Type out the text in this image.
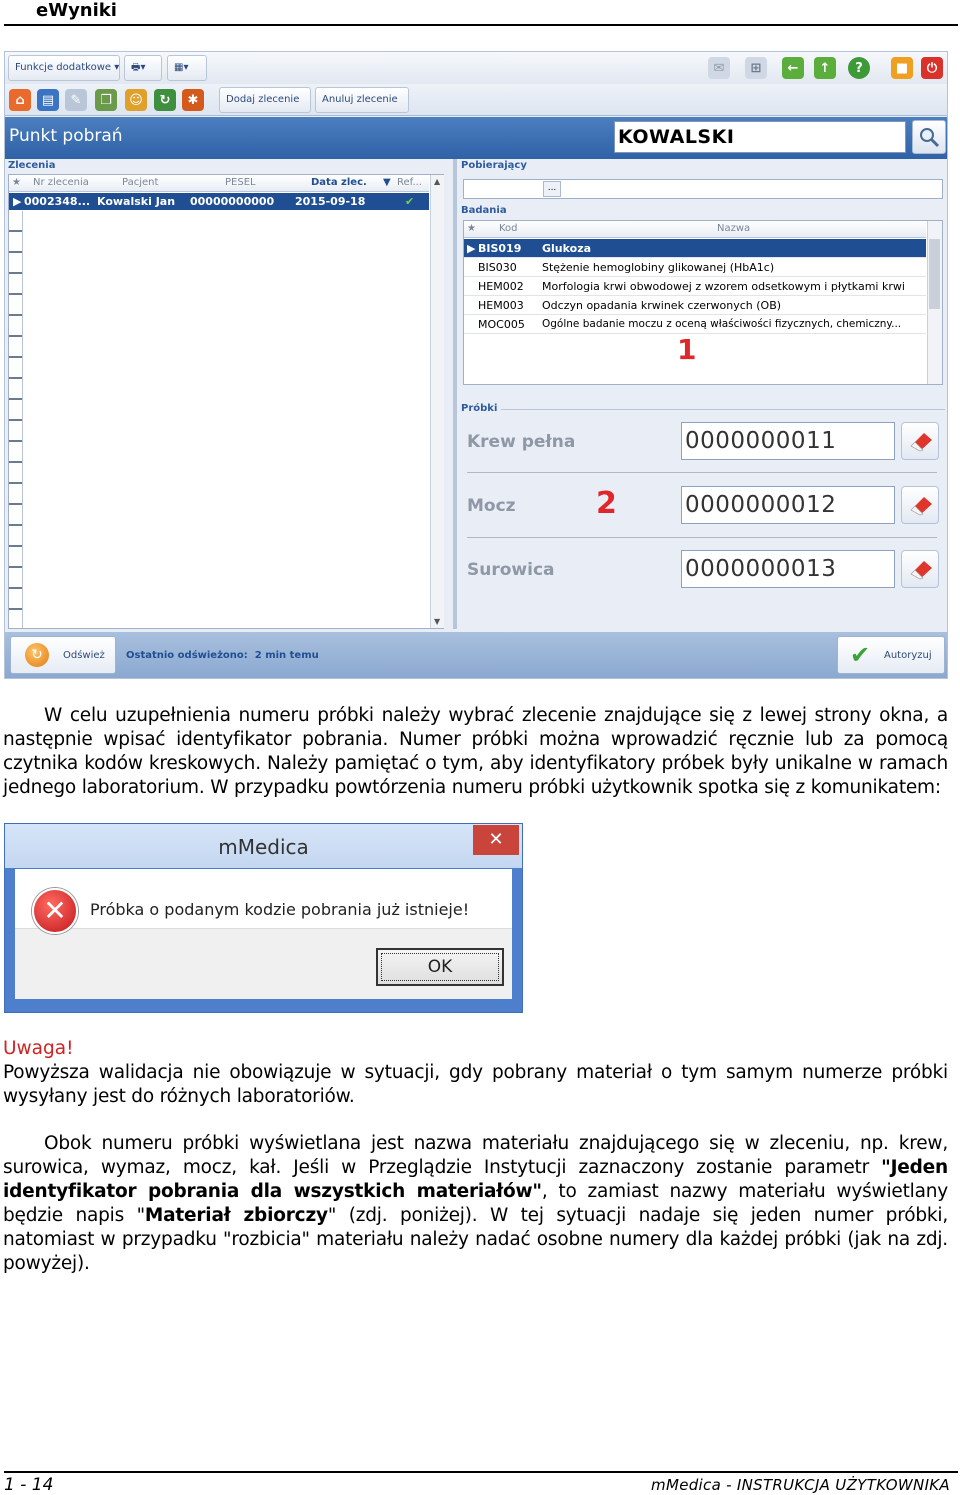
eWyniki
Funkcje dodatkowe ▾	🖶▾	▦▾	✉	⊞	←	↑	?	■	⏻
⌂	▤	✎	❐	☺	↻	✱	Dodaj zlecenie	Anuluj zlecenie
Punkt pobrań	KOWALSKI
Zlecenia
★ Nr zlecenia	Pacjent	PESEL	Data zlec. ▼ Ref...
▶ 0002348... Kowalski Jan 00000000000 2015-09-18	✔
▲
▼
Pobierający
...
Badania
★ Kod	Nazwa
▶ BIS019 Glukoza
BIS030 Stężenie hemoglobiny glikowanej (HbA1c)
HEM002 Morfologia krwi obwodowej z wzorem odsetkowym i płytkami krwi
HEM003 Odczyn opadania krwinek czerwonych (OB)
MOC005 Ogólne badanie moczu z oceną właściwości fizycznych, chemiczny...
1
Próbki
Krew pełna	0000000011
Mocz	2	0000000012
Surowica	0000000013
↻	Odśwież Ostatnio odświeżono: 2 min temu	✔ Autoryzuj
W celu uzupełnienia numeru próbki należy wybrać zlecenie znajdujące się z lewej strony okna, a następnie wpisać identyfikator pobrania. Numer próbki można wprowadzić ręcznie lub za pomocą czytnika kodów kreskowych. Należy pamiętać o tym, aby identyfikatory próbek były unikalne w ramach jednego laboratorium. W przypadku powtórzenia numeru próbki użytkownik spotka się z komunikatem:
mMedica	✕
✕	Próbka o podanym kodzie pobrania już istnieje!
OK
Uwaga!
Powyższa walidacja nie obowiązuje w sytuacji, gdy pobrany materiał o tym samym numerze próbki wysyłany jest do różnych laboratoriów.
Obok numeru próbki wyświetlana jest nazwa materiału znajdującego się w zleceniu, np. krew, surowica, wymaz, mocz, kał. Jeśli w Przeglądzie Instytucji zaznaczony zostanie parametr "Jeden identyfikator pobrania dla wszystkich materiałów", to zamiast nazwy materiału wyświetlany będzie napis "Materiał zbiorczy" (zdj. poniżej). W tej sytuacji nadaje się jeden numer próbki, natomiast w przypadku "rozbicia" materiału należy nadać osobne numery dla każdej próbki (jak na zdj. powyżej).
1 - 14	mMedica - INSTRUKCJA UŻYTKOWNIKA
